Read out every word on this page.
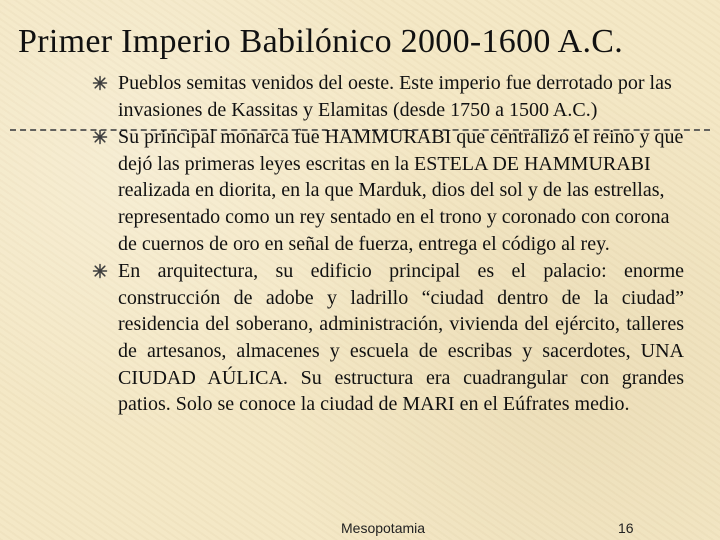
Primer Imperio Babilónico 2000-1600 A.C.
Pueblos semitas venidos del oeste. Este imperio fue derrotado por las invasiones de Kassitas y Elamitas (desde 1750 a 1500 A.C.)
Su principal monarca fue HAMMURABI que centralizó el reino y que dejó las primeras leyes escritas en la ESTELA DE HAMMURABI realizada en diorita, en la que Marduk, dios del sol y de las estrellas, representado como un rey sentado en el trono y coronado con corona de cuernos de oro en señal de fuerza, entrega el código al rey.
En arquitectura, su edificio principal es el palacio: enorme construcción de adobe y ladrillo “ciudad dentro de la ciudad” residencia del soberano, administración, vivienda del ejército, talleres de artesanos, almacenes y escuela de escribas y sacerdotes, UNA CIUDAD AÚLICA. Su estructura era cuadrangular con grandes patios. Solo se conoce la ciudad de MARI en el Eúfrates medio.
Mesopotamia	16
